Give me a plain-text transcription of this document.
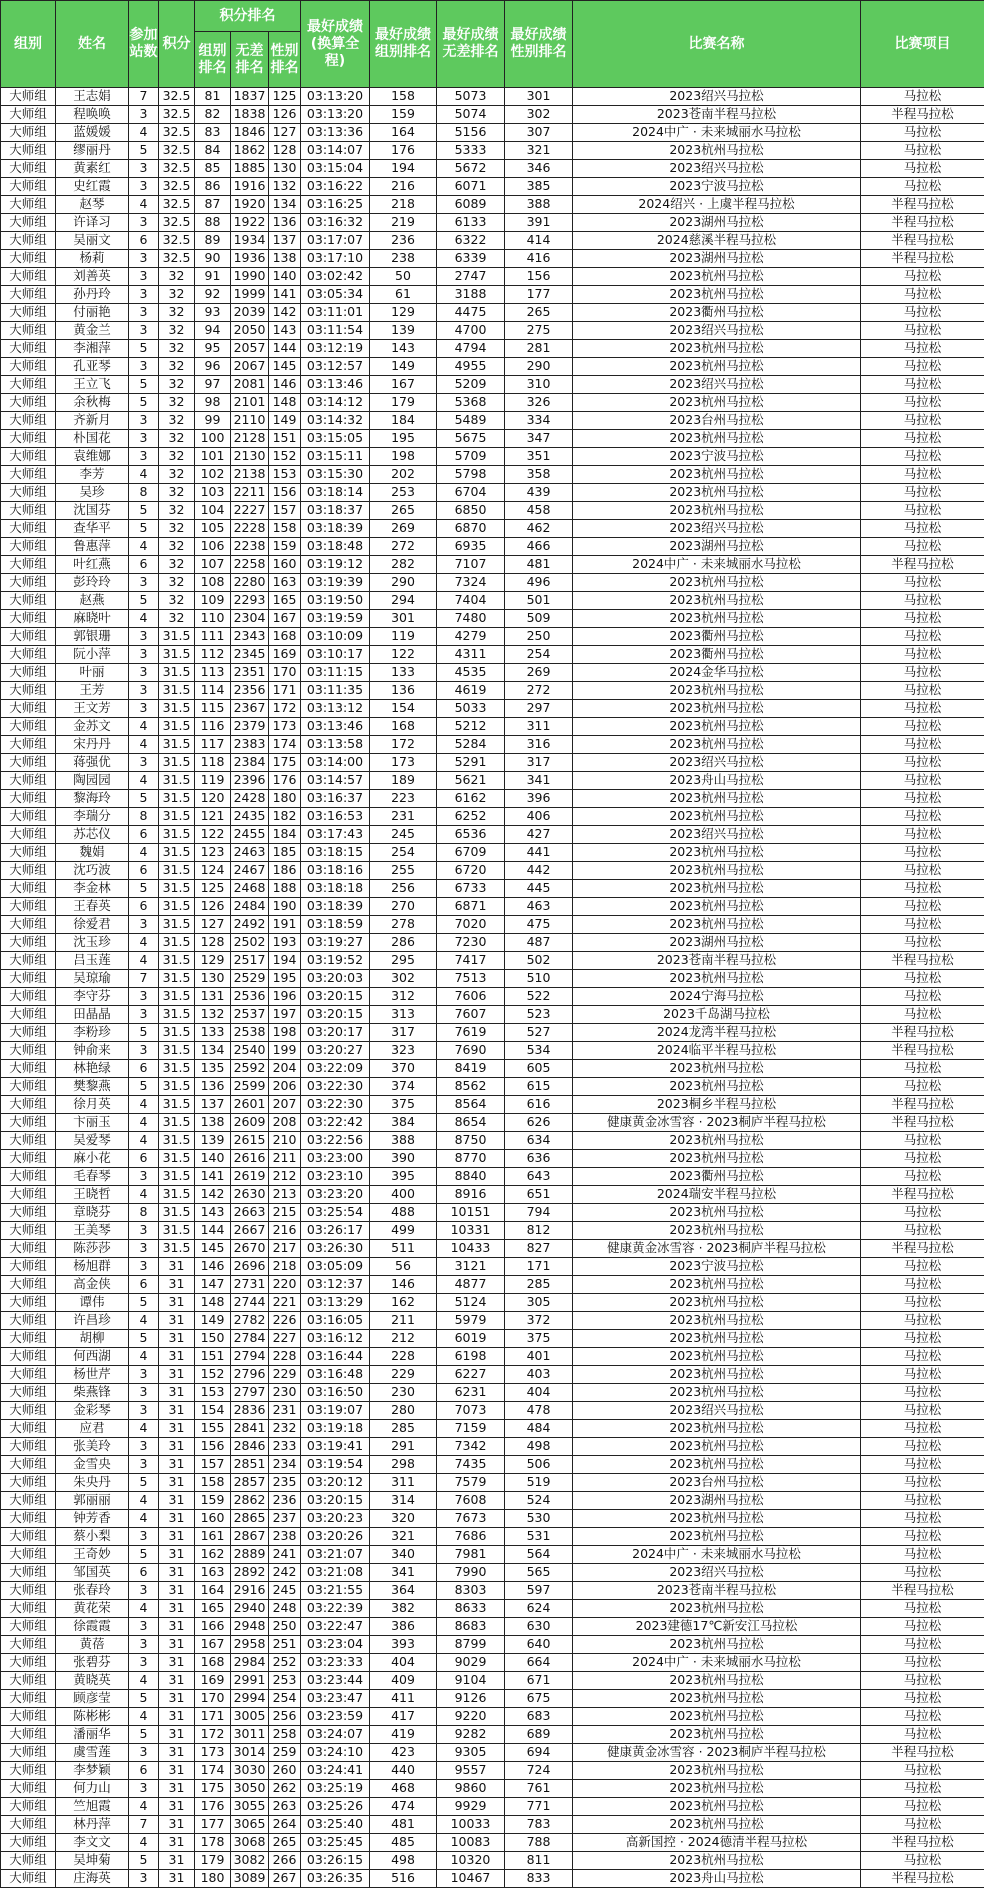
组别	姓名	参加站数	积分	积分排名			最好成绩(换算全程)	最好成绩组别排名	最好成绩无差排名	最好成绩性别排名	比赛名称	比赛项目
				组别排名	无差排名	性别排名						
大师组	王志娟	7	32.5	81	1837	125	03:13:20	158	5073	301	2023绍兴马拉松	马拉松
大师组	程唤唤	3	32.5	82	1838	126	03:13:20	159	5074	302	2023苍南半程马拉松	半程马拉松
大师组	蓝媛媛	4	32.5	83	1846	127	03:13:36	164	5156	307	2024中广 · 未来城丽水马拉松	马拉松
大师组	缪丽丹	5	32.5	84	1862	128	03:14:07	176	5333	321	2023杭州马拉松	马拉松
大师组	黄素红	3	32.5	85	1885	130	03:15:04	194	5672	346	2023绍兴马拉松	马拉松
大师组	史红霞	3	32.5	86	1916	132	03:16:22	216	6071	385	2023宁波马拉松	马拉松
大师组	赵琴	4	32.5	87	1920	134	03:16:25	218	6089	388	2024绍兴 · 上虞半程马拉松	半程马拉松
大师组	许译习	3	32.5	88	1922	136	03:16:32	219	6133	391	2023湖州马拉松	半程马拉松
大师组	吴丽文	6	32.5	89	1934	137	03:17:07	236	6322	414	2024慈溪半程马拉松	半程马拉松
大师组	杨莉	3	32.5	90	1936	138	03:17:10	238	6339	416	2023湖州马拉松	半程马拉松
大师组	刘善英	3	32	91	1990	140	03:02:42	50	2747	156	2023杭州马拉松	马拉松
大师组	孙丹玲	3	32	92	1999	141	03:05:34	61	3188	177	2023杭州马拉松	马拉松
大师组	付丽艳	3	32	93	2039	142	03:11:01	129	4475	265	2023衢州马拉松	马拉松
大师组	黄金兰	3	32	94	2050	143	03:11:54	139	4700	275	2023绍兴马拉松	马拉松
大师组	李湘萍	5	32	95	2057	144	03:12:19	143	4794	281	2023杭州马拉松	马拉松
大师组	孔亚琴	3	32	96	2067	145	03:12:57	149	4955	290	2023杭州马拉松	马拉松
大师组	王立飞	5	32	97	2081	146	03:13:46	167	5209	310	2023绍兴马拉松	马拉松
大师组	余秋梅	5	32	98	2101	148	03:14:12	179	5368	326	2023杭州马拉松	马拉松
大师组	齐新月	3	32	99	2110	149	03:14:32	184	5489	334	2023台州马拉松	马拉松
大师组	朴国花	3	32	100	2128	151	03:15:05	195	5675	347	2023杭州马拉松	马拉松
大师组	袁维娜	3	32	101	2130	152	03:15:11	198	5709	351	2023宁波马拉松	马拉松
大师组	李芳	4	32	102	2138	153	03:15:30	202	5798	358	2023杭州马拉松	马拉松
大师组	吴珍	8	32	103	2211	156	03:18:14	253	6704	439	2023杭州马拉松	马拉松
大师组	沈国芬	5	32	104	2227	157	03:18:37	265	6850	458	2023杭州马拉松	马拉松
大师组	查华平	5	32	105	2228	158	03:18:39	269	6870	462	2023绍兴马拉松	马拉松
大师组	鲁惠萍	4	32	106	2238	159	03:18:48	272	6935	466	2023湖州马拉松	马拉松
大师组	叶红燕	6	32	107	2258	160	03:19:12	282	7107	481	2024中广 · 未来城丽水马拉松	半程马拉松
大师组	彭玲玲	3	32	108	2280	163	03:19:39	290	7324	496	2023杭州马拉松	马拉松
大师组	赵燕	5	32	109	2293	165	03:19:50	294	7404	501	2023杭州马拉松	马拉松
大师组	麻晓叶	4	32	110	2304	167	03:19:59	301	7480	509	2023杭州马拉松	马拉松
大师组	郭银珊	3	31.5	111	2343	168	03:10:09	119	4279	250	2023衢州马拉松	马拉松
大师组	阮小萍	3	31.5	112	2345	169	03:10:17	122	4311	254	2023衢州马拉松	马拉松
大师组	叶丽	3	31.5	113	2351	170	03:11:15	133	4535	269	2024金华马拉松	马拉松
大师组	王芳	3	31.5	114	2356	171	03:11:35	136	4619	272	2023杭州马拉松	马拉松
大师组	王文芳	3	31.5	115	2367	172	03:13:12	154	5033	297	2023杭州马拉松	马拉松
大师组	金苏文	4	31.5	116	2379	173	03:13:46	168	5212	311	2023杭州马拉松	马拉松
大师组	宋丹丹	4	31.5	117	2383	174	03:13:58	172	5284	316	2023杭州马拉松	马拉松
大师组	蒋强优	3	31.5	118	2384	175	03:14:00	173	5291	317	2023绍兴马拉松	马拉松
大师组	陶园园	4	31.5	119	2396	176	03:14:57	189	5621	341	2023舟山马拉松	马拉松
大师组	黎海玲	5	31.5	120	2428	180	03:16:37	223	6162	396	2023杭州马拉松	马拉松
大师组	李瑞分	8	31.5	121	2435	182	03:16:53	231	6252	406	2023杭州马拉松	马拉松
大师组	苏芯仪	6	31.5	122	2455	184	03:17:43	245	6536	427	2023绍兴马拉松	马拉松
大师组	魏娟	4	31.5	123	2463	185	03:18:15	254	6709	441	2023杭州马拉松	马拉松
大师组	沈巧波	6	31.5	124	2467	186	03:18:16	255	6720	442	2023杭州马拉松	马拉松
大师组	李金林	5	31.5	125	2468	188	03:18:18	256	6733	445	2023杭州马拉松	马拉松
大师组	王春英	6	31.5	126	2484	190	03:18:39	270	6871	463	2023杭州马拉松	马拉松
大师组	徐爱君	3	31.5	127	2492	191	03:18:59	278	7020	475	2023杭州马拉松	马拉松
大师组	沈玉珍	4	31.5	128	2502	193	03:19:27	286	7230	487	2023湖州马拉松	马拉松
大师组	吕玉莲	4	31.5	129	2517	194	03:19:52	295	7417	502	2023苍南半程马拉松	半程马拉松
大师组	吴琼瑜	7	31.5	130	2529	195	03:20:03	302	7513	510	2023杭州马拉松	马拉松
大师组	李守芬	3	31.5	131	2536	196	03:20:15	312	7606	522	2024宁海马拉松	马拉松
大师组	田晶晶	3	31.5	132	2537	197	03:20:15	313	7607	523	2023千岛湖马拉松	马拉松
大师组	李粉珍	5	31.5	133	2538	198	03:20:17	317	7619	527	2024龙湾半程马拉松	半程马拉松
大师组	钟俞来	3	31.5	134	2540	199	03:20:27	323	7690	534	2024临平半程马拉松	半程马拉松
大师组	林艳绿	6	31.5	135	2592	204	03:22:09	370	8419	605	2023杭州马拉松	马拉松
大师组	樊黎燕	5	31.5	136	2599	206	03:22:30	374	8562	615	2023杭州马拉松	马拉松
大师组	徐月英	4	31.5	137	2601	207	03:22:30	375	8564	616	2023桐乡半程马拉松	半程马拉松
大师组	卞丽玉	4	31.5	138	2609	208	03:22:42	384	8654	626	健康黄金冰雪容 · 2023桐庐半程马拉松	半程马拉松
大师组	吴爱琴	4	31.5	139	2615	210	03:22:56	388	8750	634	2023杭州马拉松	马拉松
大师组	麻小花	6	31.5	140	2616	211	03:23:00	390	8770	636	2023杭州马拉松	马拉松
大师组	毛春琴	3	31.5	141	2619	212	03:23:10	395	8840	643	2023衢州马拉松	马拉松
大师组	王晓哲	4	31.5	142	2630	213	03:23:20	400	8916	651	2024瑞安半程马拉松	半程马拉松
大师组	章晓芬	8	31.5	143	2663	215	03:25:54	488	10151	794	2023杭州马拉松	马拉松
大师组	王美琴	3	31.5	144	2667	216	03:26:17	499	10331	812	2023杭州马拉松	马拉松
大师组	陈莎莎	3	31.5	145	2670	217	03:26:30	511	10433	827	健康黄金冰雪容 · 2023桐庐半程马拉松	半程马拉松
大师组	杨旭群	3	31	146	2696	218	03:05:09	56	3121	171	2023宁波马拉松	马拉松
大师组	高金侠	6	31	147	2731	220	03:12:37	146	4877	285	2023杭州马拉松	马拉松
大师组	谭伟	5	31	148	2744	221	03:13:29	162	5124	305	2023杭州马拉松	马拉松
大师组	许昌珍	4	31	149	2782	226	03:16:05	211	5979	372	2023杭州马拉松	马拉松
大师组	胡柳	5	31	150	2784	227	03:16:12	212	6019	375	2023杭州马拉松	马拉松
大师组	何西湖	4	31	151	2794	228	03:16:44	228	6198	401	2023杭州马拉松	马拉松
大师组	杨世芹	3	31	152	2796	229	03:16:48	229	6227	403	2023杭州马拉松	马拉松
大师组	柴燕锋	3	31	153	2797	230	03:16:50	230	6231	404	2023杭州马拉松	马拉松
大师组	金彩琴	3	31	154	2836	231	03:19:07	280	7073	478	2023绍兴马拉松	马拉松
大师组	应君	4	31	155	2841	232	03:19:18	285	7159	484	2023杭州马拉松	马拉松
大师组	张美玲	3	31	156	2846	233	03:19:41	291	7342	498	2023杭州马拉松	马拉松
大师组	金雪央	3	31	157	2851	234	03:19:54	298	7435	506	2023杭州马拉松	马拉松
大师组	朱央丹	5	31	158	2857	235	03:20:12	311	7579	519	2023台州马拉松	马拉松
大师组	郭丽丽	4	31	159	2862	236	03:20:15	314	7608	524	2023湖州马拉松	马拉松
大师组	钟芳香	4	31	160	2865	237	03:20:23	320	7673	530	2023杭州马拉松	马拉松
大师组	蔡小梨	3	31	161	2867	238	03:20:26	321	7686	531	2023杭州马拉松	马拉松
大师组	王奇妙	5	31	162	2889	241	03:21:07	340	7981	564	2024中广 · 未来城丽水马拉松	马拉松
大师组	邹国英	6	31	163	2892	242	03:21:08	341	7990	565	2023绍兴马拉松	马拉松
大师组	张春玲	3	31	164	2916	245	03:21:55	364	8303	597	2023苍南半程马拉松	半程马拉松
大师组	黄花荣	4	31	165	2940	248	03:22:39	382	8633	624	2023杭州马拉松	马拉松
大师组	徐霞霞	3	31	166	2948	250	03:22:47	386	8683	630	2023建德17℃新安江马拉松	马拉松
大师组	黄蓓	3	31	167	2958	251	03:23:04	393	8799	640	2023杭州马拉松	马拉松
大师组	张碧芬	3	31	168	2984	252	03:23:33	404	9029	664	2024中广 · 未来城丽水马拉松	马拉松
大师组	黄晓英	4	31	169	2991	253	03:23:44	409	9104	671	2023杭州马拉松	马拉松
大师组	顾彦莹	5	31	170	2994	254	03:23:47	411	9126	675	2023杭州马拉松	马拉松
大师组	陈彬彬	4	31	171	3005	256	03:23:59	417	9220	683	2023杭州马拉松	马拉松
大师组	潘丽华	5	31	172	3011	258	03:24:07	419	9282	689	2023杭州马拉松	马拉松
大师组	虞雪莲	3	31	173	3014	259	03:24:10	423	9305	694	健康黄金冰雪容 · 2023桐庐半程马拉松	半程马拉松
大师组	李梦颖	6	31	174	3030	260	03:24:41	440	9557	724	2023杭州马拉松	马拉松
大师组	何力山	3	31	175	3050	262	03:25:19	468	9860	761	2023杭州马拉松	马拉松
大师组	竺旭霞	4	31	176	3055	263	03:25:26	474	9929	771	2023杭州马拉松	马拉松
大师组	林丹萍	7	31	177	3065	264	03:25:40	481	10033	783	2023杭州马拉松	马拉松
大师组	李文文	4	31	178	3068	265	03:25:45	485	10083	788	高新国控 · 2024德清半程马拉松	半程马拉松
大师组	吴坤菊	5	31	179	3082	266	03:26:15	498	10320	811	2023杭州马拉松	马拉松
大师组	庄海英	3	31	180	3089	267	03:26:35	516	10467	833	2023舟山马拉松	半程马拉松
